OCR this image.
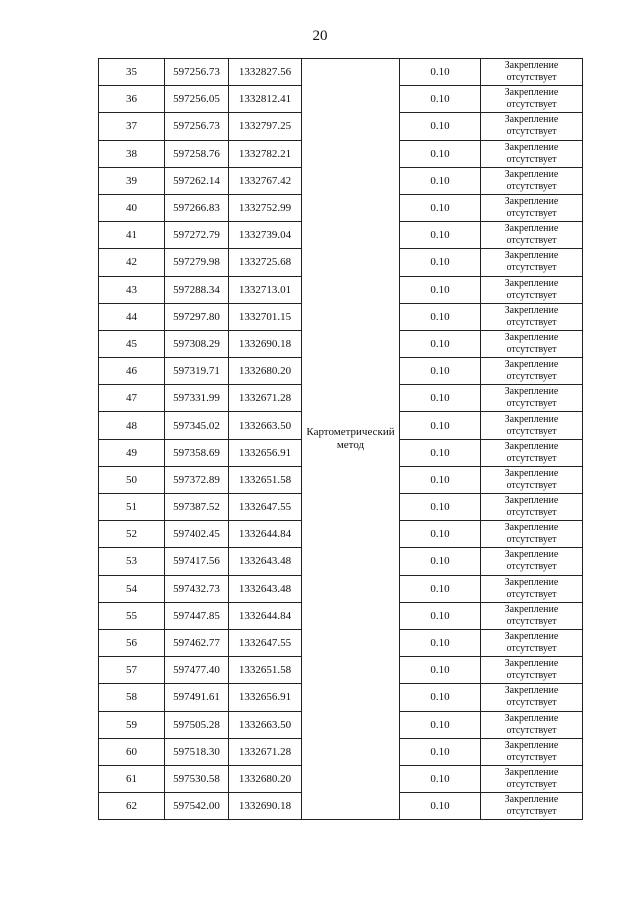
20
35	597256.73	1332827.56	Картометрический метод	0.10	Закрепление отсутствует
36	597256.05	1332812.41		0.10	Закрепление отсутствует
37	597256.73	1332797.25		0.10	Закрепление отсутствует
38	597258.76	1332782.21		0.10	Закрепление отсутствует
39	597262.14	1332767.42		0.10	Закрепление отсутствует
40	597266.83	1332752.99		0.10	Закрепление отсутствует
41	597272.79	1332739.04		0.10	Закрепление отсутствует
42	597279.98	1332725.68		0.10	Закрепление отсутствует
43	597288.34	1332713.01		0.10	Закрепление отсутствует
44	597297.80	1332701.15		0.10	Закрепление отсутствует
45	597308.29	1332690.18		0.10	Закрепление отсутствует
46	597319.71	1332680.20		0.10	Закрепление отсутствует
47	597331.99	1332671.28		0.10	Закрепление отсутствует
48	597345.02	1332663.50		0.10	Закрепление отсутствует
49	597358.69	1332656.91		0.10	Закрепление отсутствует
50	597372.89	1332651.58		0.10	Закрепление отсутствует
51	597387.52	1332647.55		0.10	Закрепление отсутствует
52	597402.45	1332644.84		0.10	Закрепление отсутствует
53	597417.56	1332643.48		0.10	Закрепление отсутствует
54	597432.73	1332643.48		0.10	Закрепление отсутствует
55	597447.85	1332644.84		0.10	Закрепление отсутствует
56	597462.77	1332647.55		0.10	Закрепление отсутствует
57	597477.40	1332651.58		0.10	Закрепление отсутствует
58	597491.61	1332656.91		0.10	Закрепление отсутствует
59	597505.28	1332663.50		0.10	Закрепление отсутствует
60	597518.30	1332671.28		0.10	Закрепление отсутствует
61	597530.58	1332680.20		0.10	Закрепление отсутствует
62	597542.00	1332690.18		0.10	Закрепление отсутствует
